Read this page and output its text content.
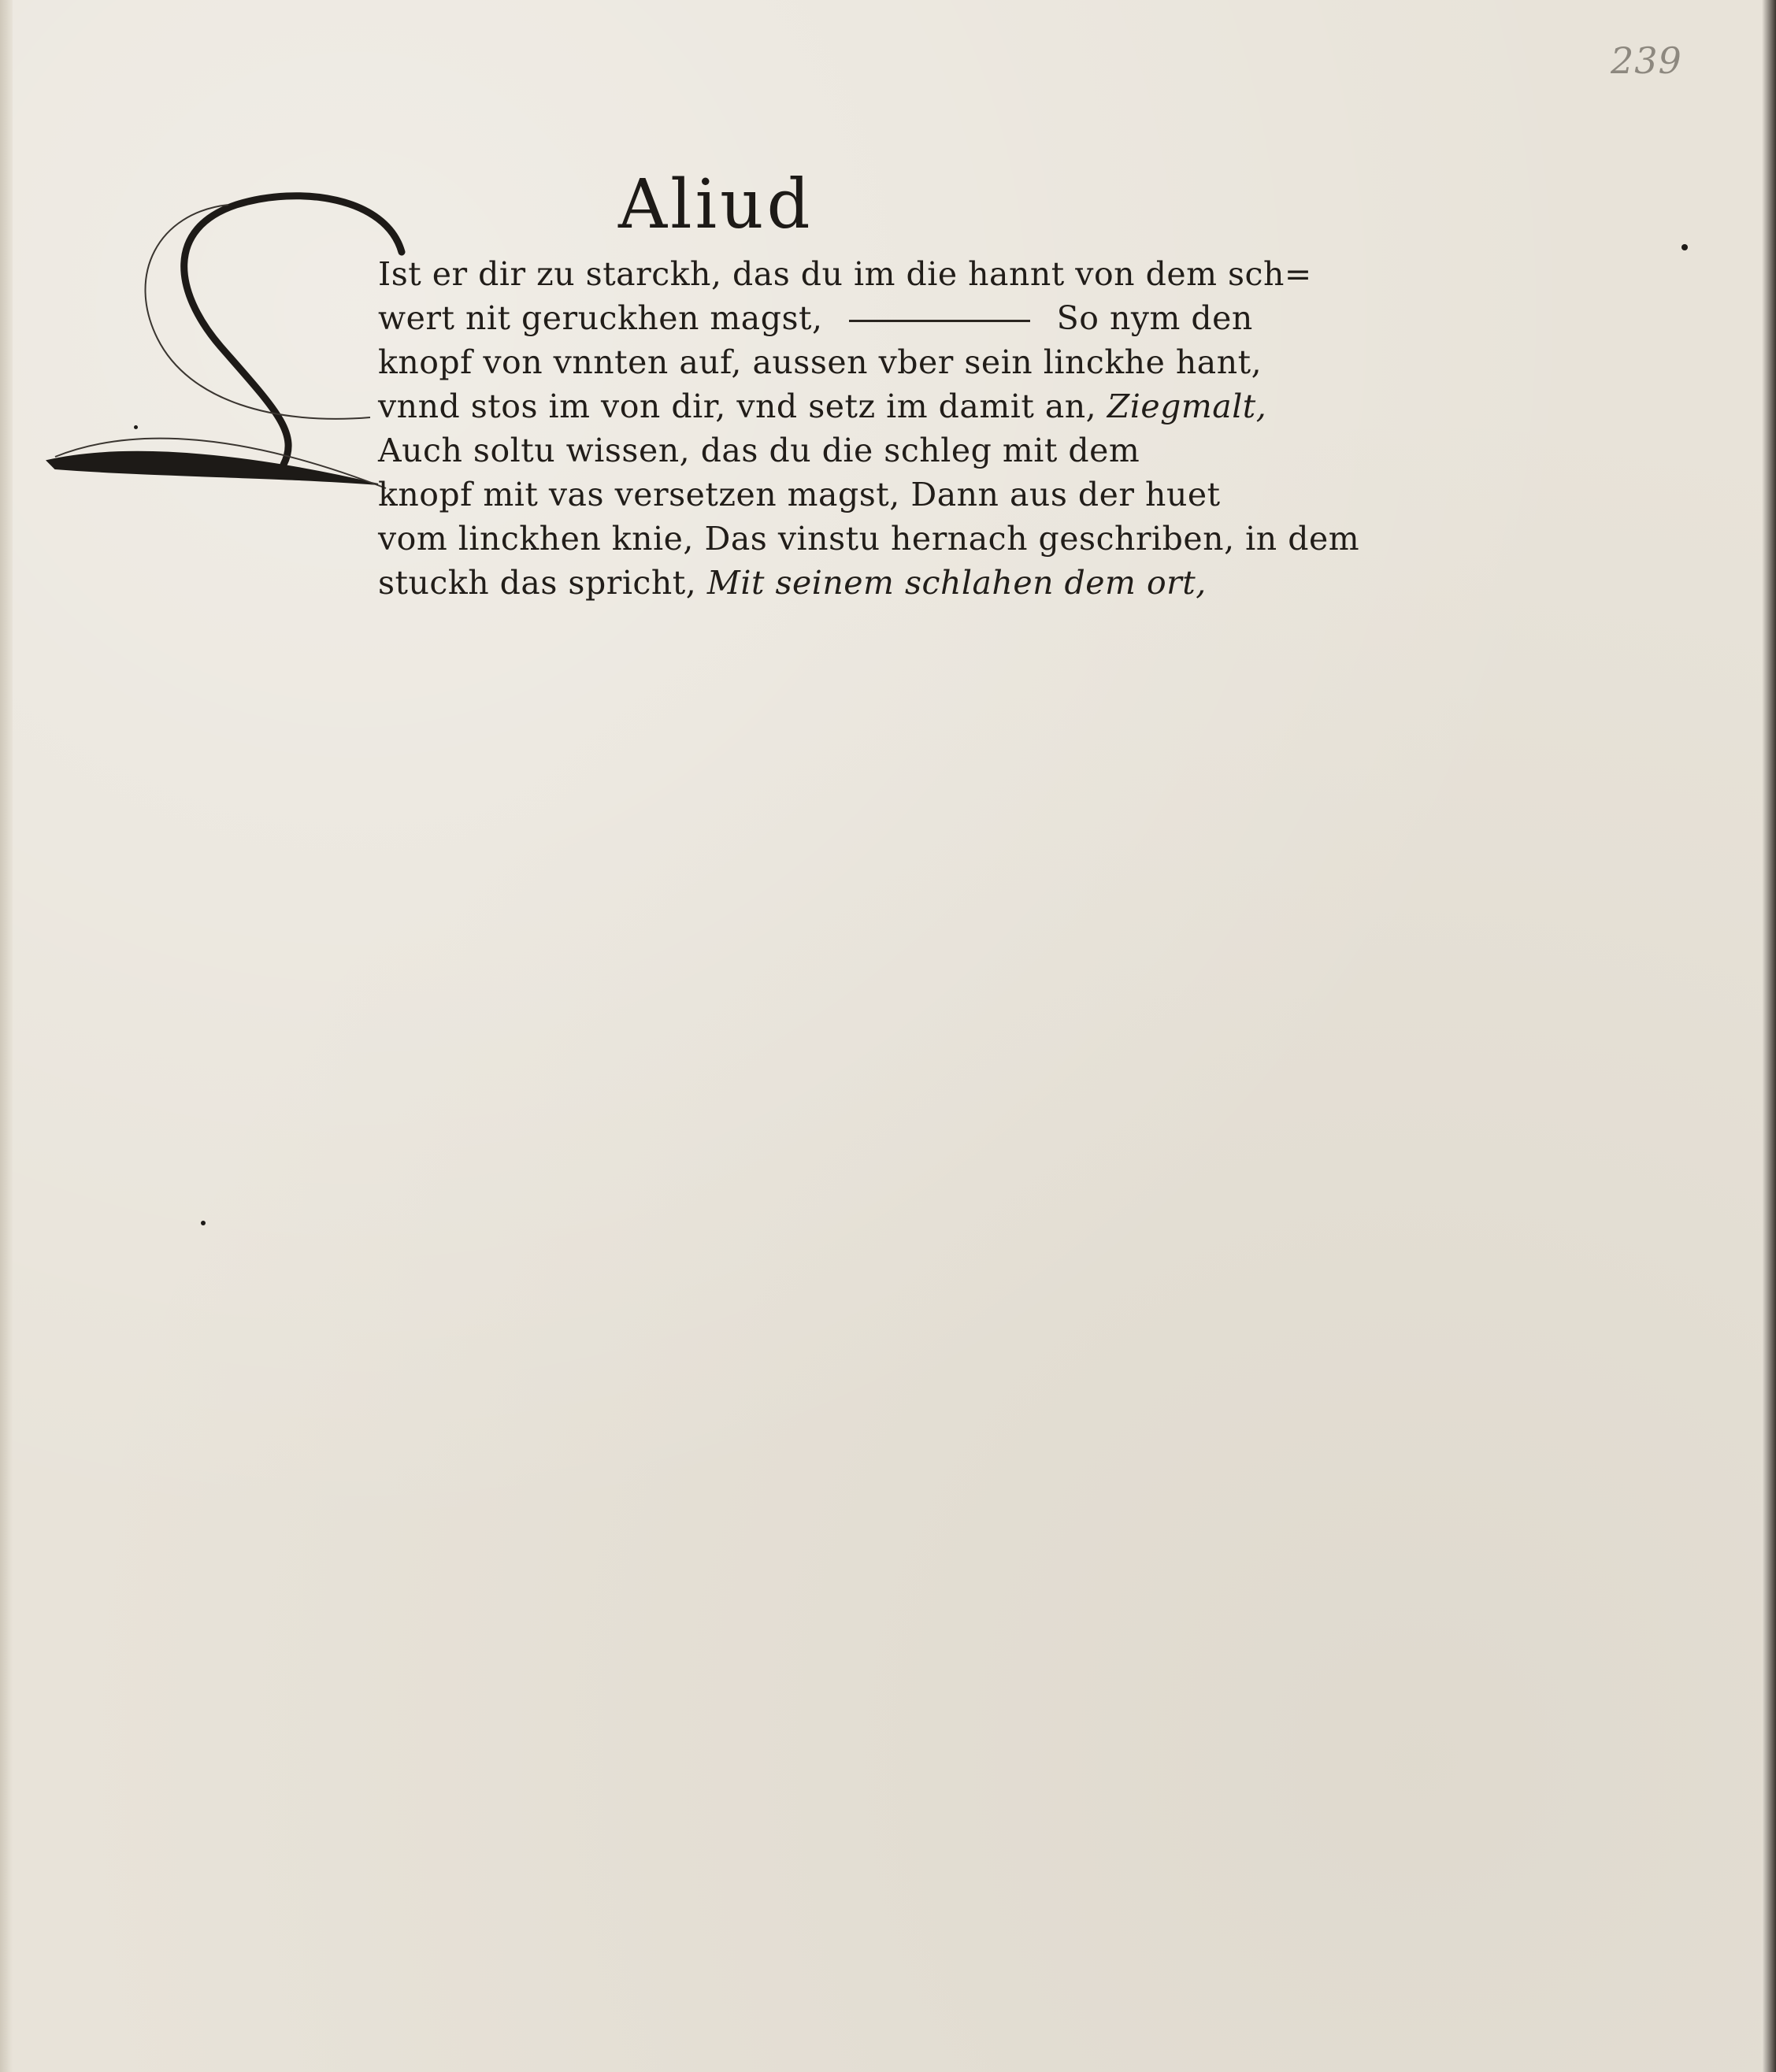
239
Aliud
Ist er dir zu starckh, das du im die hannt von dem sch=
wert nit geruckhen magst,	So nym den
knopf von vnnten auf, aussen vber sein linckhe hant,
vnnd stos im von dir, vnd setz im damit an, Ziegmalt,
Auch soltu wissen, das du die schleg mit dem
knopf mit vas versetzen magst, Dann aus der huet
vom linckhen knie, Das vinstu hernach geschriben, in dem
stuckh das spricht, Mit seinem schlahen dem ort,
